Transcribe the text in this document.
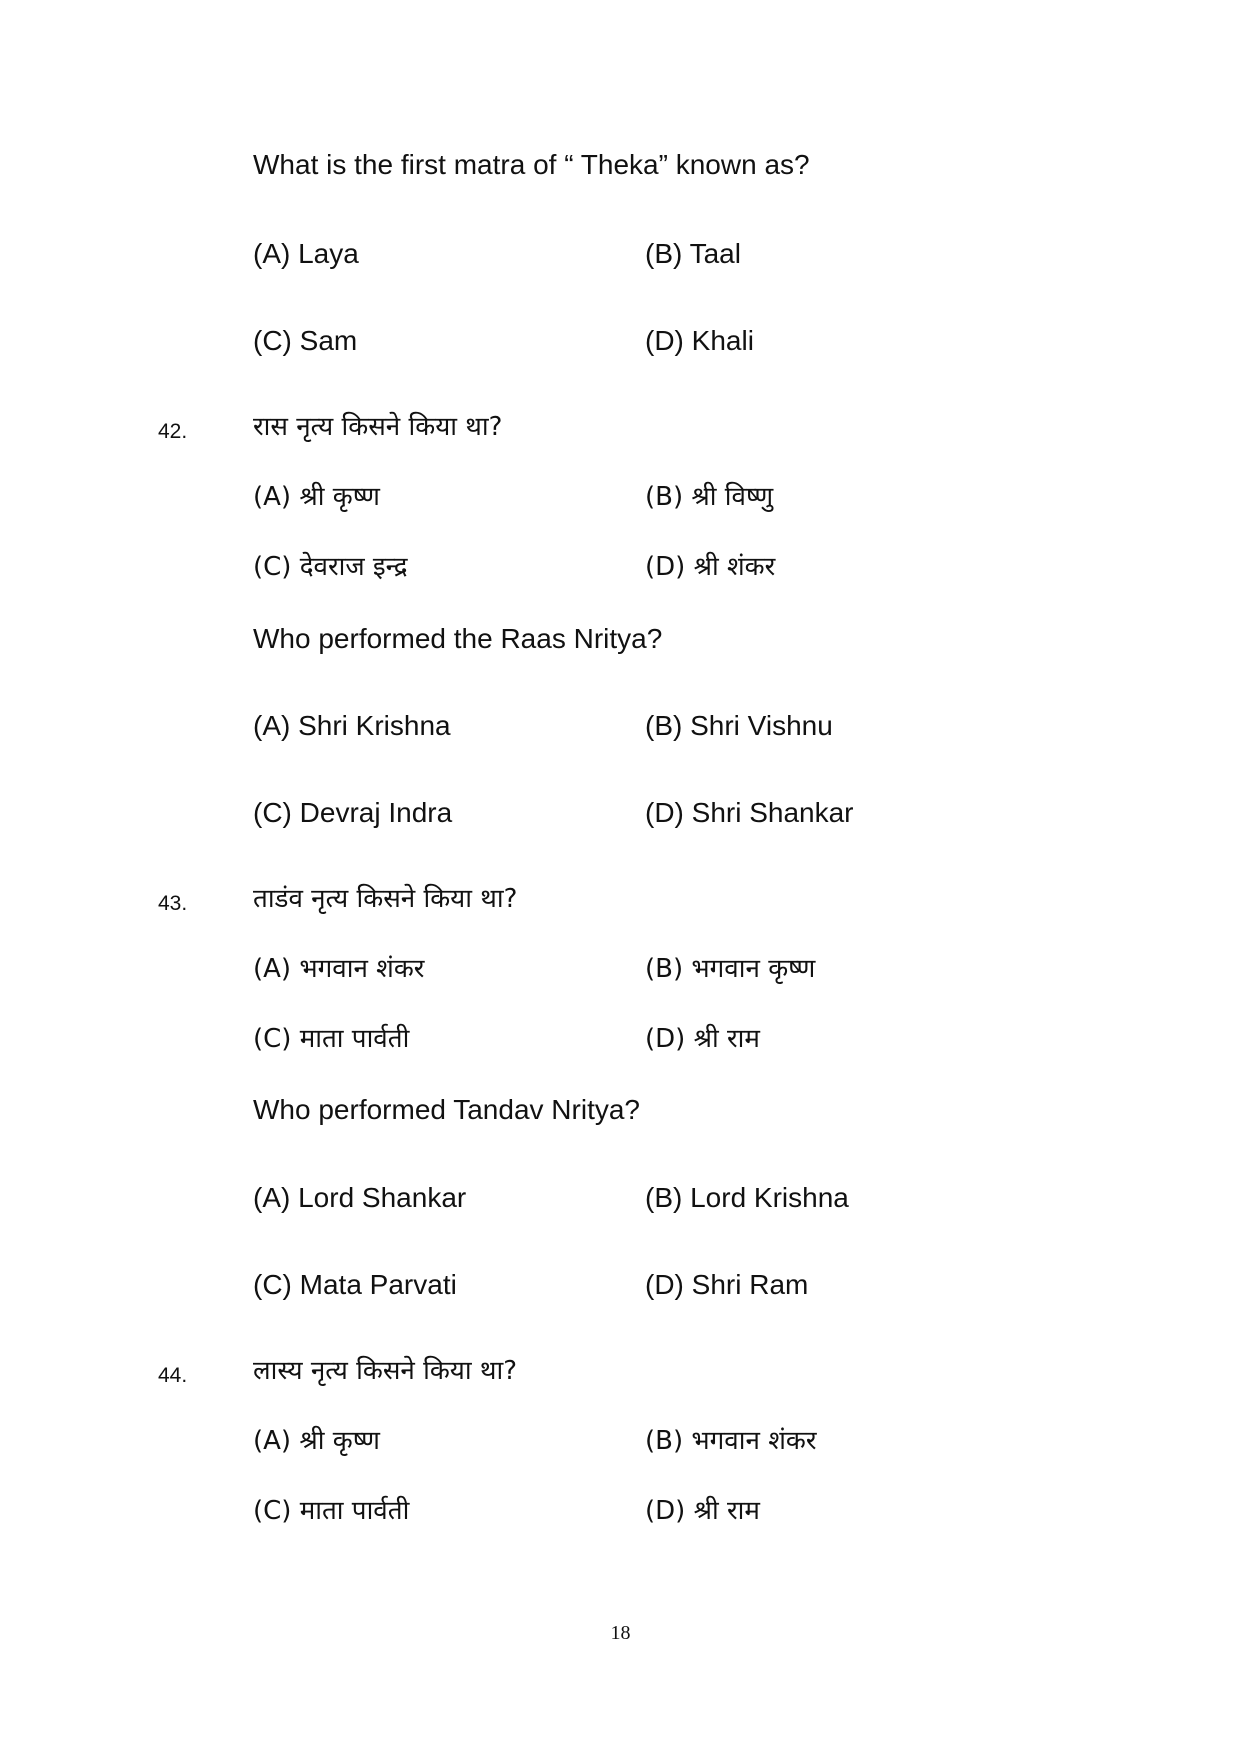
What is the first matra of “ Theka” known as?
(A) Laya	(B) Taal
(C) Sam	(D) Khali
42.	रास नृत्य किसने किया था?
(A) श्री कृष्ण	(B) श्री विष्णु
(C) देवराज इन्द्र	(D) श्री शंकर
Who performed the Raas Nritya?
(A) Shri Krishna	(B) Shri Vishnu
(C) Devraj Indra	(D) Shri Shankar
43.	ताडंव नृत्य किसने किया था?
(A) भगवान शंकर	(B) भगवान कृष्ण
(C) माता पार्वती	(D) श्री राम
Who performed Tandav Nritya?
(A) Lord Shankar	(B) Lord Krishna
(C) Mata Parvati	(D) Shri Ram
44.	लास्य नृत्य किसने किया था?
(A) श्री कृष्ण	(B) भगवान शंकर
(C) माता पार्वती	(D) श्री राम
18
